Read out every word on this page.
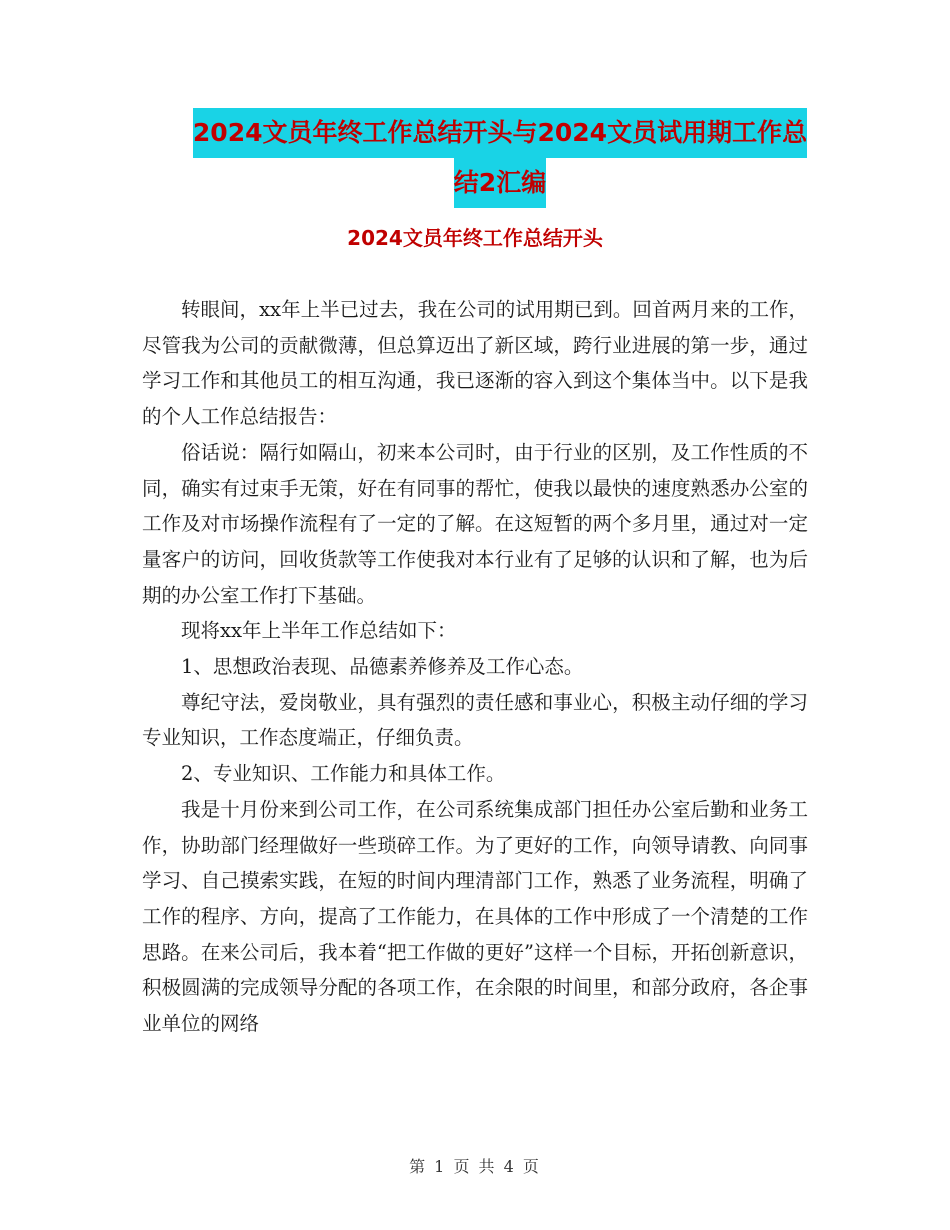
2024文员年终工作总结开头与2024文员试用期工作总
结2汇编
2024文员年终工作总结开头

转眼间，xx年上半已过去，我在公司的试用期已到。回首两月来的工作，尽管我为公司的贡献微薄，但总算迈出了新区域，跨行业进展的第一步，通过学习工作和其他员工的相互沟通，我已逐渐的容入到这个集体当中。以下是我的个人工作总结报告：

俗话说：隔行如隔山，初来本公司时，由于行业的区别，及工作性质的不同，确实有过束手无策，好在有同事的帮忙，使我以最快的速度熟悉办公室的工作及对市场操作流程有了一定的了解。在这短暂的两个多月里，通过对一定量客户的访问，回收货款等工作使我对本行业有了足够的认识和了解，也为后期的办公室工作打下基础。

现将xx年上半年工作总结如下：

1、思想政治表现、品德素养修养及工作心态。

尊纪守法，爱岗敬业，具有强烈的责任感和事业心，积极主动仔细的学习专业知识，工作态度端正，仔细负责。

2、专业知识、工作能力和具体工作。

我是十月份来到公司工作，在公司系统集成部门担任办公室后勤和业务工作，协助部门经理做好一些琐碎工作。为了更好的工作，向领导请教、向同事学习、自己摸索实践，在短的时间内理清部门工作，熟悉了业务流程，明确了工作的程序、方向，提高了工作能力，在具体的工作中形成了一个清楚的工作思路。在来公司后，我本着“把工作做的更好”这样一个目标，开拓创新意识，积极圆满的完成领导分配的各项工作，在余限的时间里，和部分政府，各企事业单位的网络

第 1 页 共 4 页
